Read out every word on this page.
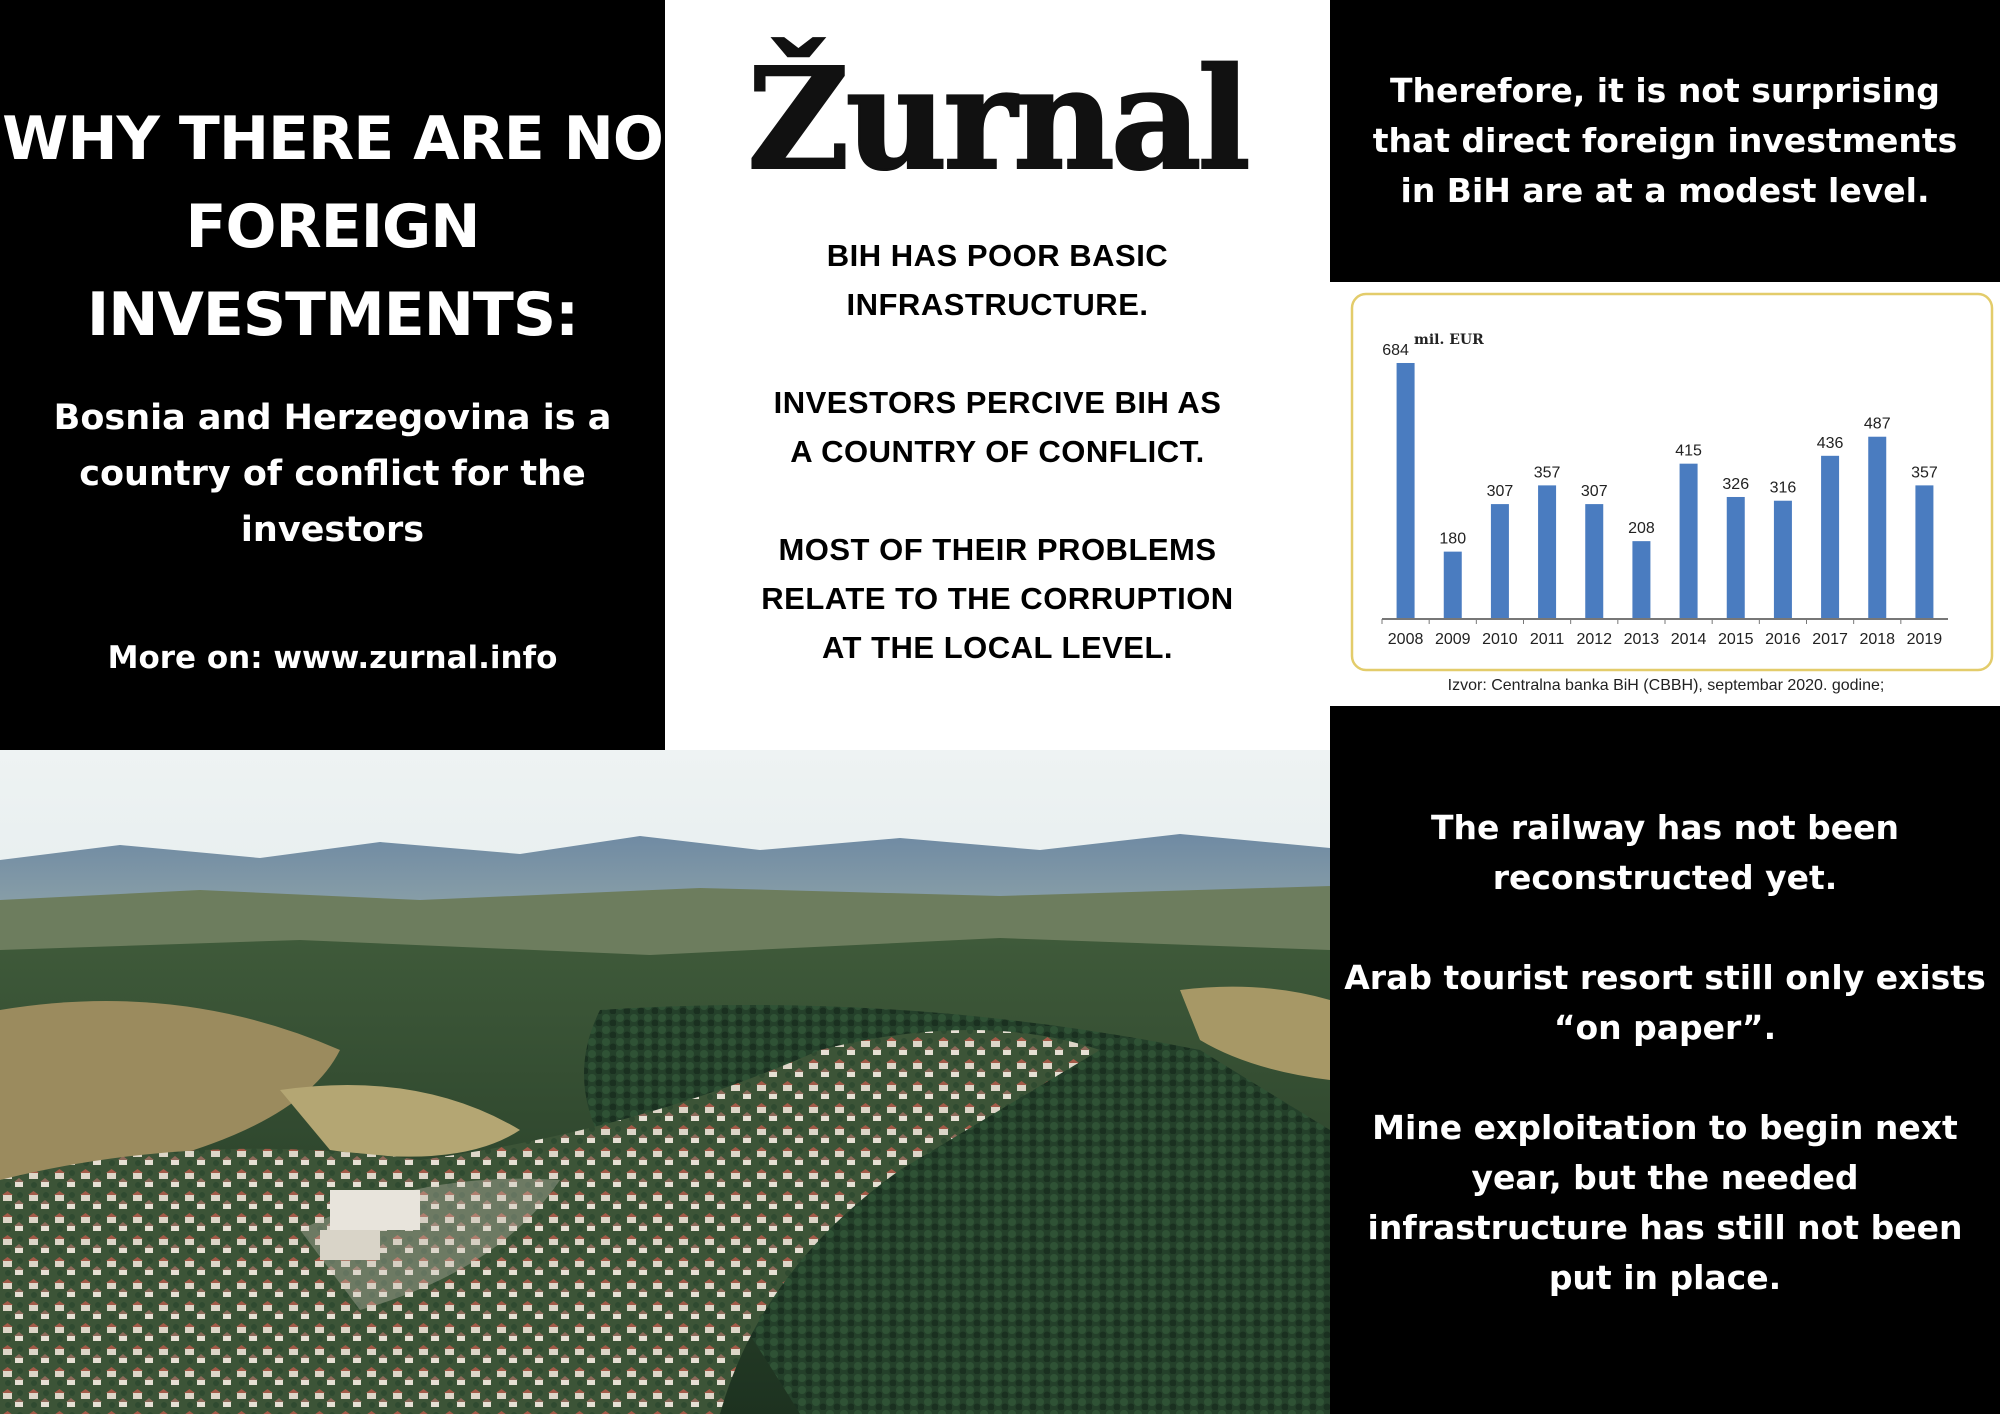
WHY THERE ARE NO
FOREIGN
INVESTMENTS:

Bosnia and Herzegovina is a country of conflict for the investors

More on: www.zurnal.info
Žurnal
BIH HAS POOR BASIC
INFRASTRUCTURE.
INVESTORS PERCIVE BIH AS
A COUNTRY OF CONFLICT.
MOST OF THEIR PROBLEMS
RELATE TO THE CORRUPTION
AT THE LOCAL LEVEL.
Therefore, it is not surprising that direct foreign investments in BiH are at a modest level.
684
2008
180
2009
307
2010
357
2011
307
2012
208
2013
415
2014
326
2015
316
2016
436
2017
487
2018
357
2019
mil. EUR
Izvor: Centralna banka BiH (CBBH), septembar 2020. godine;
The railway has not been
reconstructed yet.
Arab tourist resort still only exists
“on paper”.
Mine exploitation to begin next
year, but the needed
infrastructure has still not been
put in place.
